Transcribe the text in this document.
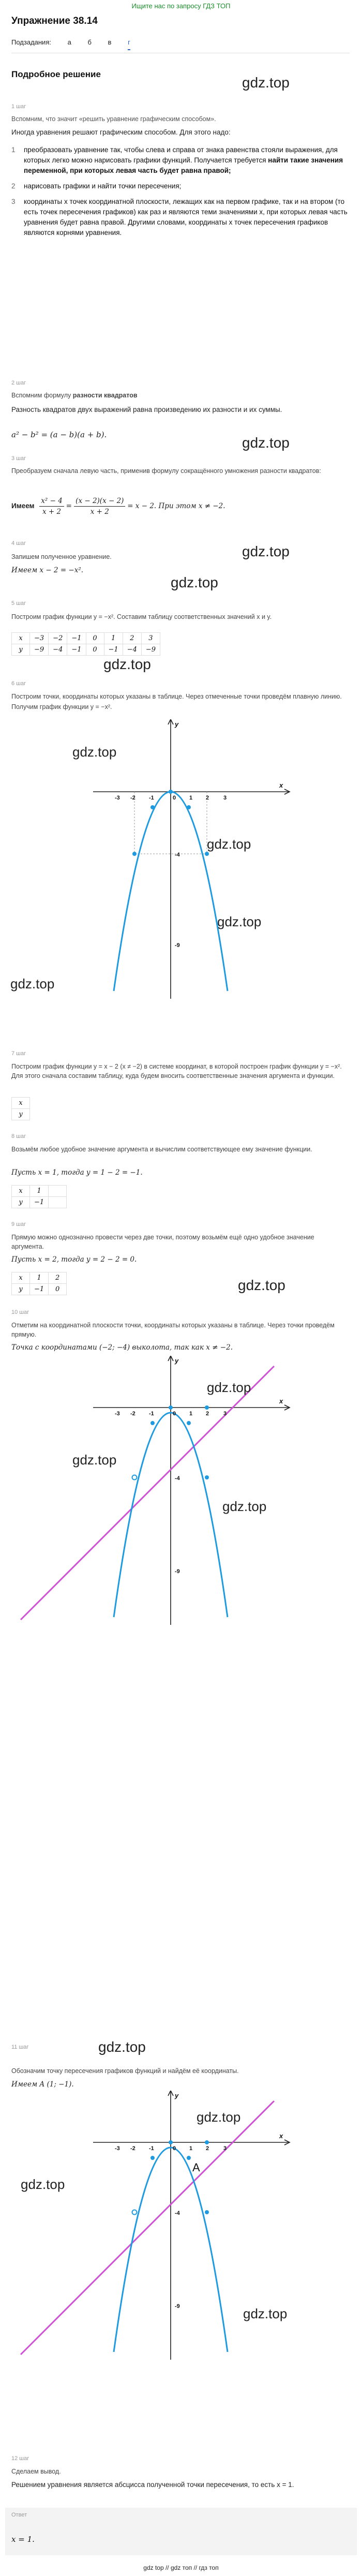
Ищите нас по запросу ГДЗ ТОП
Упражнение 38.14
Подзадания: а б в г
Подробное решение
gdz.top
1 шаг
Вспомним, что значит «решить уравнение графическим способом».
Иногда уравнения решают графическим способом. Для этого надо:
1	преобразовать уравнение так, чтобы слева и справа от знака равенства стояли выражения, для которых легко можно нарисовать графики функций. Получается требуется найти такие значения переменной, при которых левая часть будет равна правой;
2	нарисовать графики и найти точки пересечения;
3	координаты x точек координатной плоскости, лежащих как на первом графике, так и на втором (то есть точек пересечения графиков) как раз и являются теми значениями x, при которых левая часть уравнения будет равна правой. Другими словами, координаты x точек пересечения графиков являются корнями уравнения.
2 шаг
Вспомним формулу разности квадратов
Разность квадратов двух выражений равна произведению их разности и их суммы.
a² − b² = (a − b)(a + b).	gdz.top
3 шаг
Преобразуем сначала левую часть, применив формулу сокращённого умножения разности квадратов:
Имеем $\frac{\text{x² − 4}}{x + 2} = \frac{(x - 2)(x - 2)}{x + 2} = x - 2$. При этом x ≠ −2.
gdz.top
4 шаг
Запишем полученное уравнение.
Имеем x − 2 = −x².
gdz.top
5 шаг
Построим график функции y = −x². Составим таблицу соответственных значений x и y.
x	−3	−2	−1	0	1	2	3
y	−9	−4	−1	0	−1	−4	−9
gdz.top
6 шаг
Построим точки, координаты которых указаны в таблице. Через отмеченные точки проведём плавную линию. Получим график функции y = −x².
-3 -2 -1	0 1 2	3
-4
-9
x
y
gdz.top
gdz.top
gdz.top
gdz.top
7 шаг
Построим график функции y = x − 2 (x ≠ −2) в системе координат, в которой построен график функции y = −x². Для этого сначала составим таблицу, куда будем вносить соответственные значения аргумента и функции.
x
y
8 шаг
Возьмём любое удобное значение аргумента и вычислим соответствующее ему значение функции.
Пусть x = 1, тогда y = 1 − 2 = −1.
x	1	
y	−1	
9 шаг
Прямую можно однозначно провести через две точки, поэтому возьмём ещё одно удобное значение аргумента.
Пусть x = 2, тогда y = 2 − 2 = 0.
x	1	2
y	−1	0	gdz.top
10 шаг
Отметим на координатной плоскости точки, координаты которых указаны в таблице. Через точки проведём прямую.
Точка с координатами (−2; −4) выколота, так как x ≠ −2.
-3 -2 -1	0 1 2	3
-4
-9
x
y
gdz.top
gdz.top
gdz.top
11 шаг	gdz.top
Обозначим точку пересечения графиков функций и найдём её координаты.
Имеем A (1; −1).
-3 -2 -1	0 1 2	3
-4
-9
x
y
A
gdz.top
gdz.top
gdz.top
12 шаг
Сделаем вывод.
Решением уравнения является абсцисса полученной точки пересечения, то есть x = 1.
Ответ
x = 1.
gdz top // gdz топ // гдз топ
